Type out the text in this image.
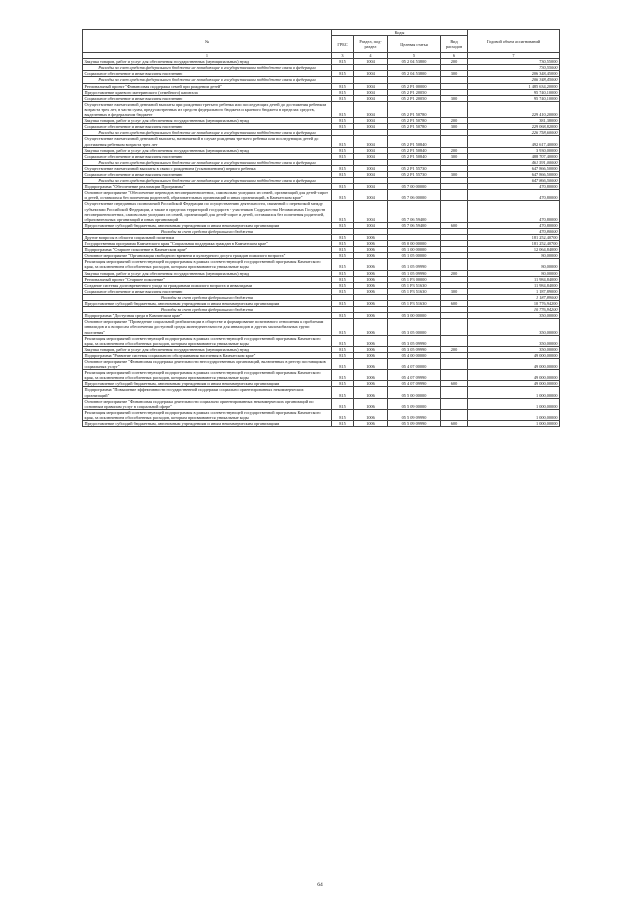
№	Коды				Годовой объем ассигнований
	ГРБС	Раздел, под-раздел	Целевая статья	Вид расходов	
1	3	4	5	6	7
Закупка товаров, работ и услуг для обеспечения государственных (муниципальных) нужд	815	1004	05 2 04 53800	200	730,55000
Расходы за счет средств федерального бюджета не попадающие в государственном подбюджете связи в федерации					730,55000
Социальное обеспечение и иные выплаты населению	815	1004	05 2 04 53800	300	206 348,45000
Расходы за счет средств федерального бюджета не попадающие в государственном подбюджете связи в федерации					206 348,45000
Региональный проект "Финансовая поддержка семей при рождении детей"	815	1004	05 2 P1 00000		1 485 634,20000
Предоставление краевого материнского (семейного) капитала	815	1004	05 2 P1 20050		95 740,10000
Социальное обеспечение и иные выплаты населению	815	1004	05 2 P1 20050	300	95 740,10000
Осуществление ежемесячной денежной выплаты при рождении третьего ребенка или последующих детей до достижения ребенком возраста трех лет, в части сумм, предусмотренных из средств федерального бюджета и краевого бюджета в пределах средств, выделенных в федеральном бюджете	815	1004	05 2 P1 50780		229 410,20000
Закупка товаров, работ и услуг для обеспечения государственных (муниципальных) нужд	815	1004	05 2 P1 50780	200	381,38000
Социальное обеспечение и иные выплаты населению	815	1004	05 2 P1 50780	300	229 068,82000
Расходы за счет средств федерального бюджета не попадающие в государственном подбюджете связи в федерации					226 758,60000
Осуществление ежемесячной денежной выплаты, назначаемой в случае рождения третьего ребенка или последующих детей до достижения ребенком возраста трех лет	815	1004	05 2 P1 50840		492 617,40000
Закупка товаров, работ и услуг для обеспечения государственных (муниципальных) нужд	815	1004	05 2 P1 50840	200	3 930,00000
Социальное обеспечение и иные выплаты населению	815	1004	05 2 P1 50840	300	488 707,40000
Расходы за счет средств федерального бюджета не попадающие в государственном подбюджете связи в федерации					461 591,00000
Осуществление ежемесячной выплаты в связи с рождением (усыновлением) первого ребенка	815	1004	05 2 P1 55730		647 866,50000
Социальное обеспечение и иные выплаты населению	815	1004	05 2 P1 55730	300	647 866,50000
Расходы за счет средств федерального бюджета не попадающие в государственном подбюджете связи в федерации					647 866,50000
Подпрограмма "Обеспечение реализации Программы"	815	1004	05 7 00 00000		470,80000
Основное мероприятие "Обеспечение переводов несовершеннолетних, самовольно ушедших из семей, организаций для детей-сирот и детей, оставшихся без попечения родителей, образовательных организаций и иных организаций, в Камчатском крае"	815	1004	05 7 06 00000		470,80000
Осуществление переданных полномочий Российской Федерации по осуществлению деятельности, связанной с перевозкой между субъектами Российской Федерации, а также в пределах территорий государств - участников Содружества Независимых Государств несовершеннолетних, самовольно ушедших из семей, организаций для детей-сирот и детей, оставшихся без попечения родителей, образовательных организаций и иных организаций	815	1004	05 7 06 59400		470,80000
Предоставление субсидий бюджетным, автономным учреждениям и иным некоммерческим организациям	815	1004	05 7 06 59400	600	470,80000
Расходы за счет средств федерального бюджета					470,80000
Другие вопросы в области социальной политики	815	1006			181 252,40700
Государственная программа Камчатского края "Социальная поддержка граждан в Камчатском крае"	815	1006	05 0 00 00000		181 252,40700
Подпрограмма "Старшее поколение в Камчатском крае"	815	1006	05 1 00 00000		12 064,84000
Основное мероприятие "Организация свободного времени и культурного досуга граждан пожилого возраста"	815	1006	05 1 05 00000		80,00000
Реализация мероприятий соответствующей подпрограммы в рамках соответствующей государственной программы Камчатского края, за исключением обособленных расходов, которым присваиваются уникальные коды	815	1006	05 1 05 09990		80,00000
Закупка товаров, работ и услуг для обеспечения государственных (муниципальных) нужд	815	1006	05 1 05 09990	200	80,00000
Региональный проект "Старшее поколение"	815	1006	05 1 P3 00000		11 984,84000
Создание системы долговременного ухода за гражданами пожилого возраста и инвалидами	815	1006	05 1 P3 51630		11 984,84000
Социальное обеспечение и иные выплаты населению	815	1006	05 1 P3 51630	300	1 187,89000
Расходы за счет средств федерального бюджета					1 187,89000
Предоставление субсидий бюджетным, автономным учреждениям и иным некоммерческим организациям	815	1006	05 1 P3 51630	600	10 776,94200
Расходы за счет средств федерального бюджета					10 776,94200
Подпрограмма "Доступная среда в Камчатском крае"	815	1006	05 3 00 00000		350,00000
Основное мероприятие "Проведение социальной реабилитации в обществе и формирование позитивного отношения к проблемам инвалидов и к вопросам обеспечения доступной среды жизнедеятельности для инвалидов и других маломобильных групп населения"	815	1006	05 3 05 00000		350,00000
Реализация мероприятий соответствующей подпрограммы в рамках соответствующей государственной программы Камчатского края, за исключением обособленных расходов, которым присваиваются уникальные коды	815	1006	05 3 05 09990		350,00000
Закупка товаров, работ и услуг для обеспечения государственных (муниципальных) нужд	815	1006	05 3 05 09990	200	350,00000
Подпрограмма "Развитие системы социального обслуживания населения в Камчатском крае"	815	1006	05 4 00 00000		49 000,00000
Основное мероприятие "Финансовая поддержка деятельности негосударственных организаций, включенных в реестр поставщиков социальных услуг"	815	1006	05 4 07 00000		49 000,00000
Реализация мероприятий соответствующей подпрограммы в рамках соответствующей государственной программы Камчатского края, за исключением обособленных расходов, которым присваиваются уникальные коды	815	1006	05 4 07 09990		49 000,00000
Предоставление субсидий бюджетным, автономным учреждениям и иным некоммерческим организациям	815	1006	05 4 07 09990	600	49 000,00000
Подпрограмма "Повышение эффективности государственной поддержки социально ориентированных некоммерческих организаций"	815	1006	05 5 00 00000		1 000,00000
Основное мероприятие "Финансовая поддержка деятельности социально ориентированных некоммерческих организаций по основным правилам услуг в социальной сфере"	815	1006	05 5 09 00000		1 000,00000
Реализация мероприятий соответствующей подпрограммы в рамках соответствующей государственной программы Камчатского края, за исключением обособленных расходов, которым присваиваются уникальные коды	815	1006	05 5 09 09990		1 000,00000
Предоставление субсидий бюджетным, автономным учреждениям и иным некоммерческим организациям	815	1006	05 5 09 09990	600	1 000,00000
64
